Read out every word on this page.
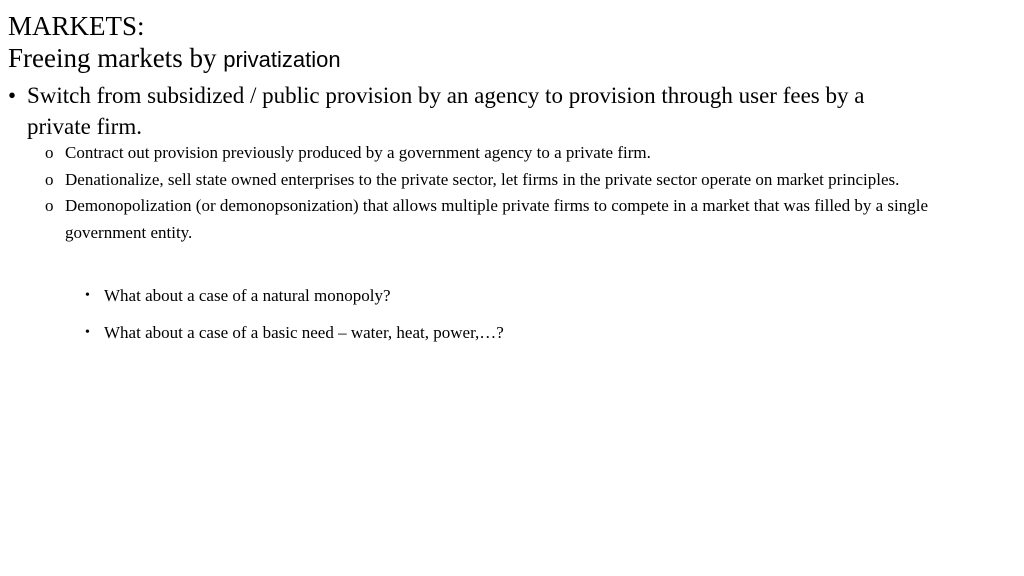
MARKETS:
Freeing markets by privatization
• Switch from subsidized / public provision by an agency to provision through user fees by a private firm.
o Contract out provision previously produced by a government agency to a private firm.
o Denationalize, sell state owned enterprises to the private sector, let firms in the private sector operate on market principles.
o Demonopolization (or demonopsonization) that allows multiple private firms to compete in a market that was filled by a single government entity.
• What about a case of a natural monopoly?
• What about a case of a basic need – water, heat, power,…?
